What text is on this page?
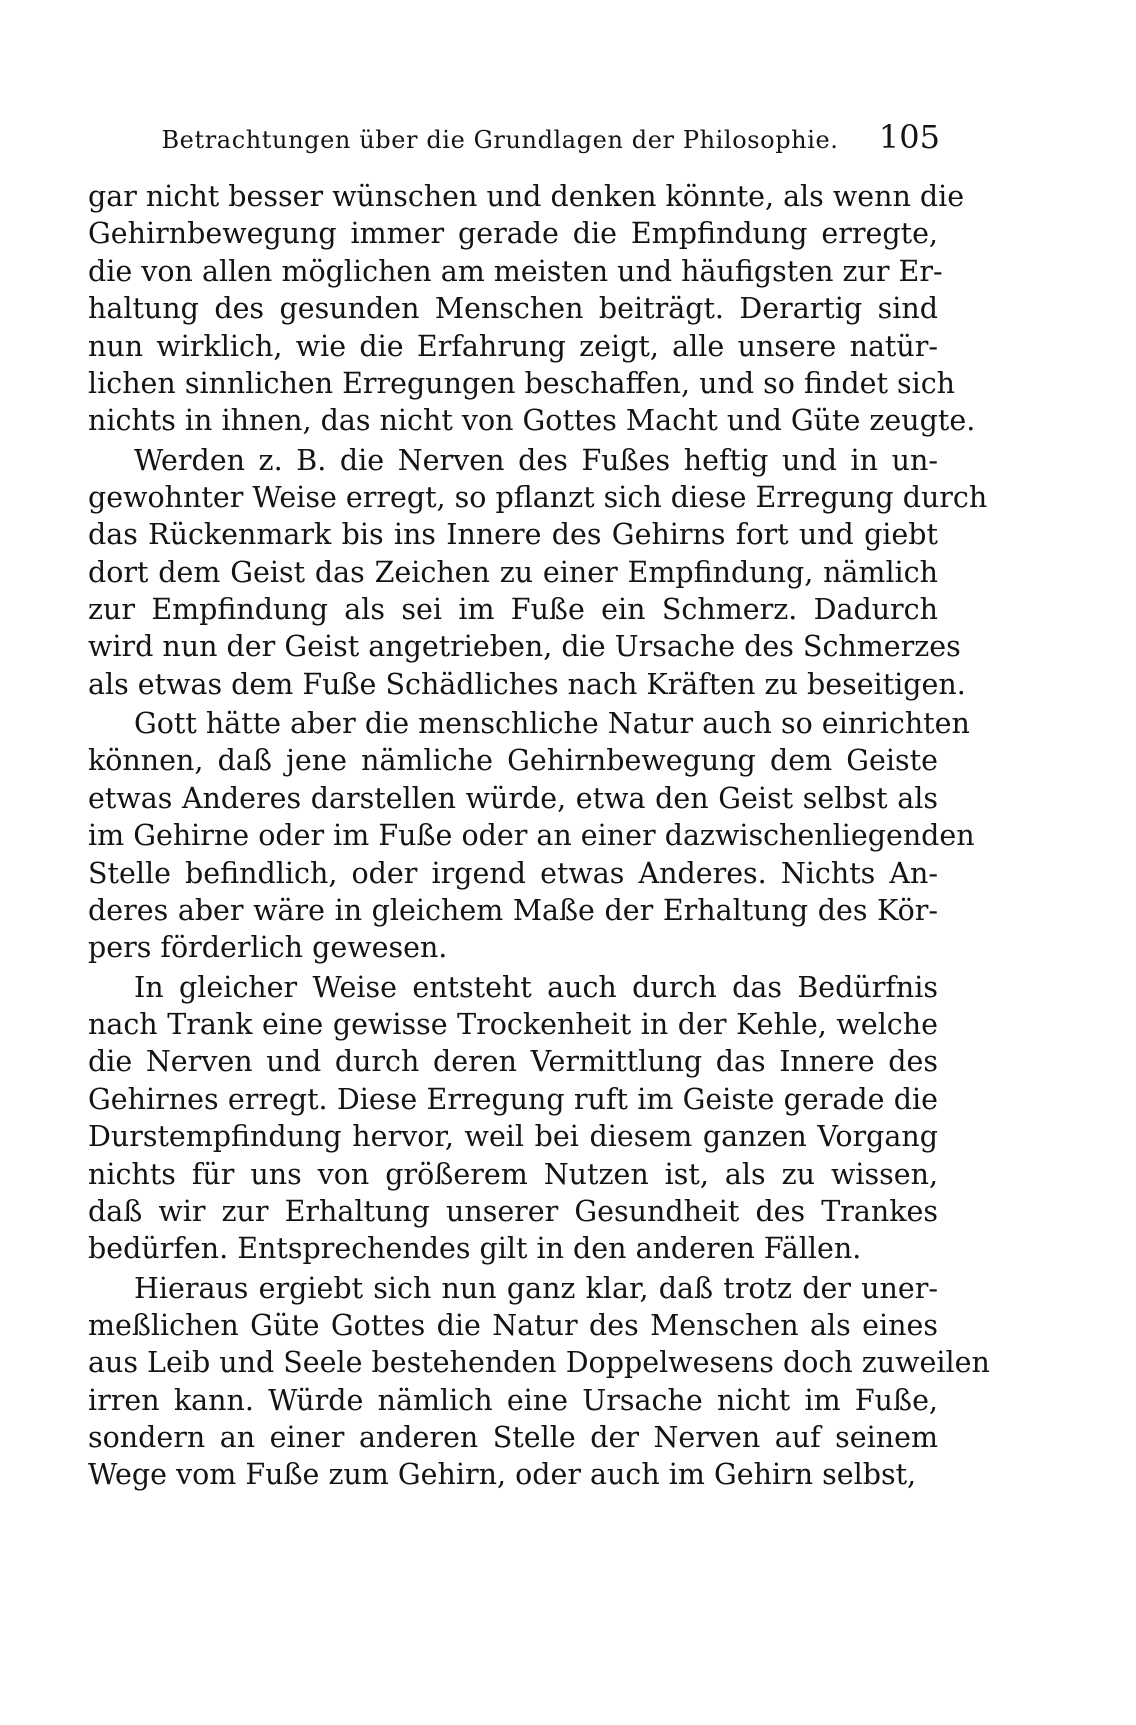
Betrachtungen über die Grundlagen der Philosophie.	105
gar nicht besser wünschen und denken könnte, als wenn die
Gehirnbewegung immer gerade die Empfindung erregte,
die von allen möglichen am meisten und häufigsten zur Er-
haltung des gesunden Menschen beiträgt. Derartig sind
nun wirklich, wie die Erfahrung zeigt, alle unsere natür-
lichen sinnlichen Erregungen beschaffen, und so findet sich
nichts in ihnen, das nicht von Gottes Macht und Güte zeugte.
Werden z. B. die Nerven des Fußes heftig und in un-
gewohnter Weise erregt, so pflanzt sich diese Erregung durch
das Rückenmark bis ins Innere des Gehirns fort und giebt
dort dem Geist das Zeichen zu einer Empfindung, nämlich
zur Empfindung als sei im Fuße ein Schmerz. Dadurch
wird nun der Geist angetrieben, die Ursache des Schmerzes
als etwas dem Fuße Schädliches nach Kräften zu beseitigen.
Gott hätte aber die menschliche Natur auch so einrichten
können, daß jene nämliche Gehirnbewegung dem Geiste
etwas Anderes darstellen würde, etwa den Geist selbst als
im Gehirne oder im Fuße oder an einer dazwischenliegenden
Stelle befindlich, oder irgend etwas Anderes. Nichts An-
deres aber wäre in gleichem Maße der Erhaltung des Kör-
pers förderlich gewesen.
In gleicher Weise entsteht auch durch das Bedürfnis
nach Trank eine gewisse Trockenheit in der Kehle, welche
die Nerven und durch deren Vermittlung das Innere des
Gehirnes erregt. Diese Erregung ruft im Geiste gerade die
Durstempfindung hervor, weil bei diesem ganzen Vorgang
nichts für uns von größerem Nutzen ist, als zu wissen,
daß wir zur Erhaltung unserer Gesundheit des Trankes
bedürfen. Entsprechendes gilt in den anderen Fällen.
Hieraus ergiebt sich nun ganz klar, daß trotz der uner-
meßlichen Güte Gottes die Natur des Menschen als eines
aus Leib und Seele bestehenden Doppelwesens doch zuweilen
irren kann. Würde nämlich eine Ursache nicht im Fuße,
sondern an einer anderen Stelle der Nerven auf seinem
Wege vom Fuße zum Gehirn, oder auch im Gehirn selbst,
